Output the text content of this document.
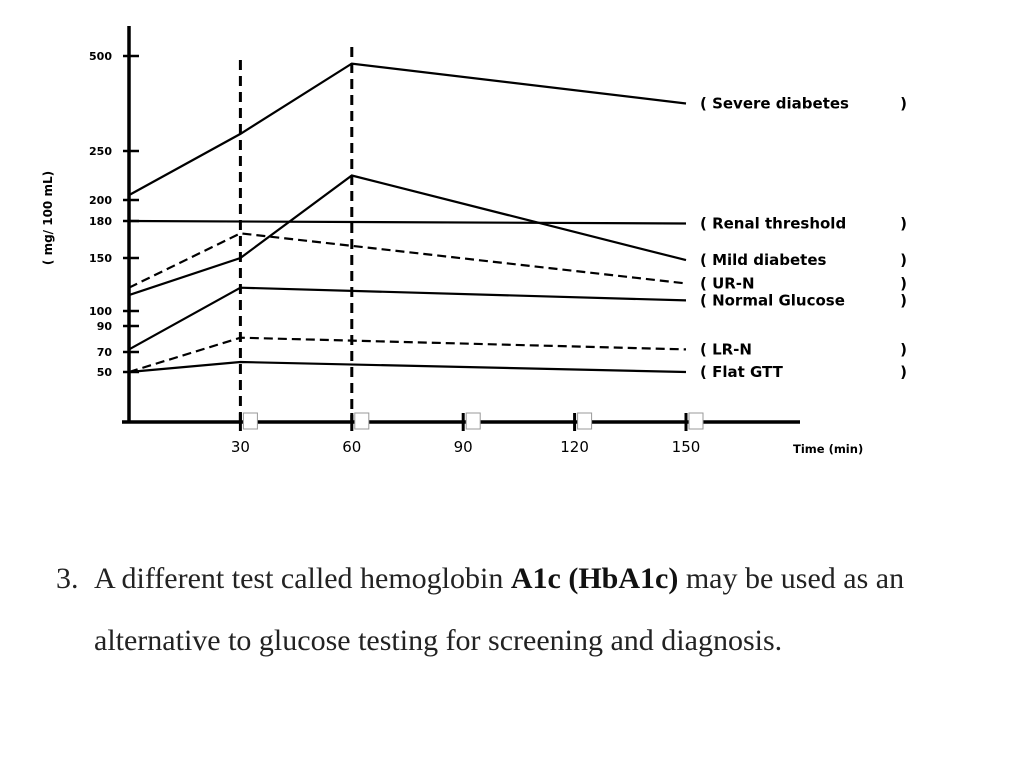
500
250
200
180
150
100
90
70
50
30	60	90	120	150
( Severe diabetes	)
( Renal threshold	)
( Mild diabetes	)
( UR-N	)
( Normal Glucose	)
( LR-N	)
( Flat GTT	)
Time (min)
( mg/ 100 mL)
3. A different test called hemoglobin A1c (HbA1c) may be used as an alternative to glucose testing for screening and diagnosis.
